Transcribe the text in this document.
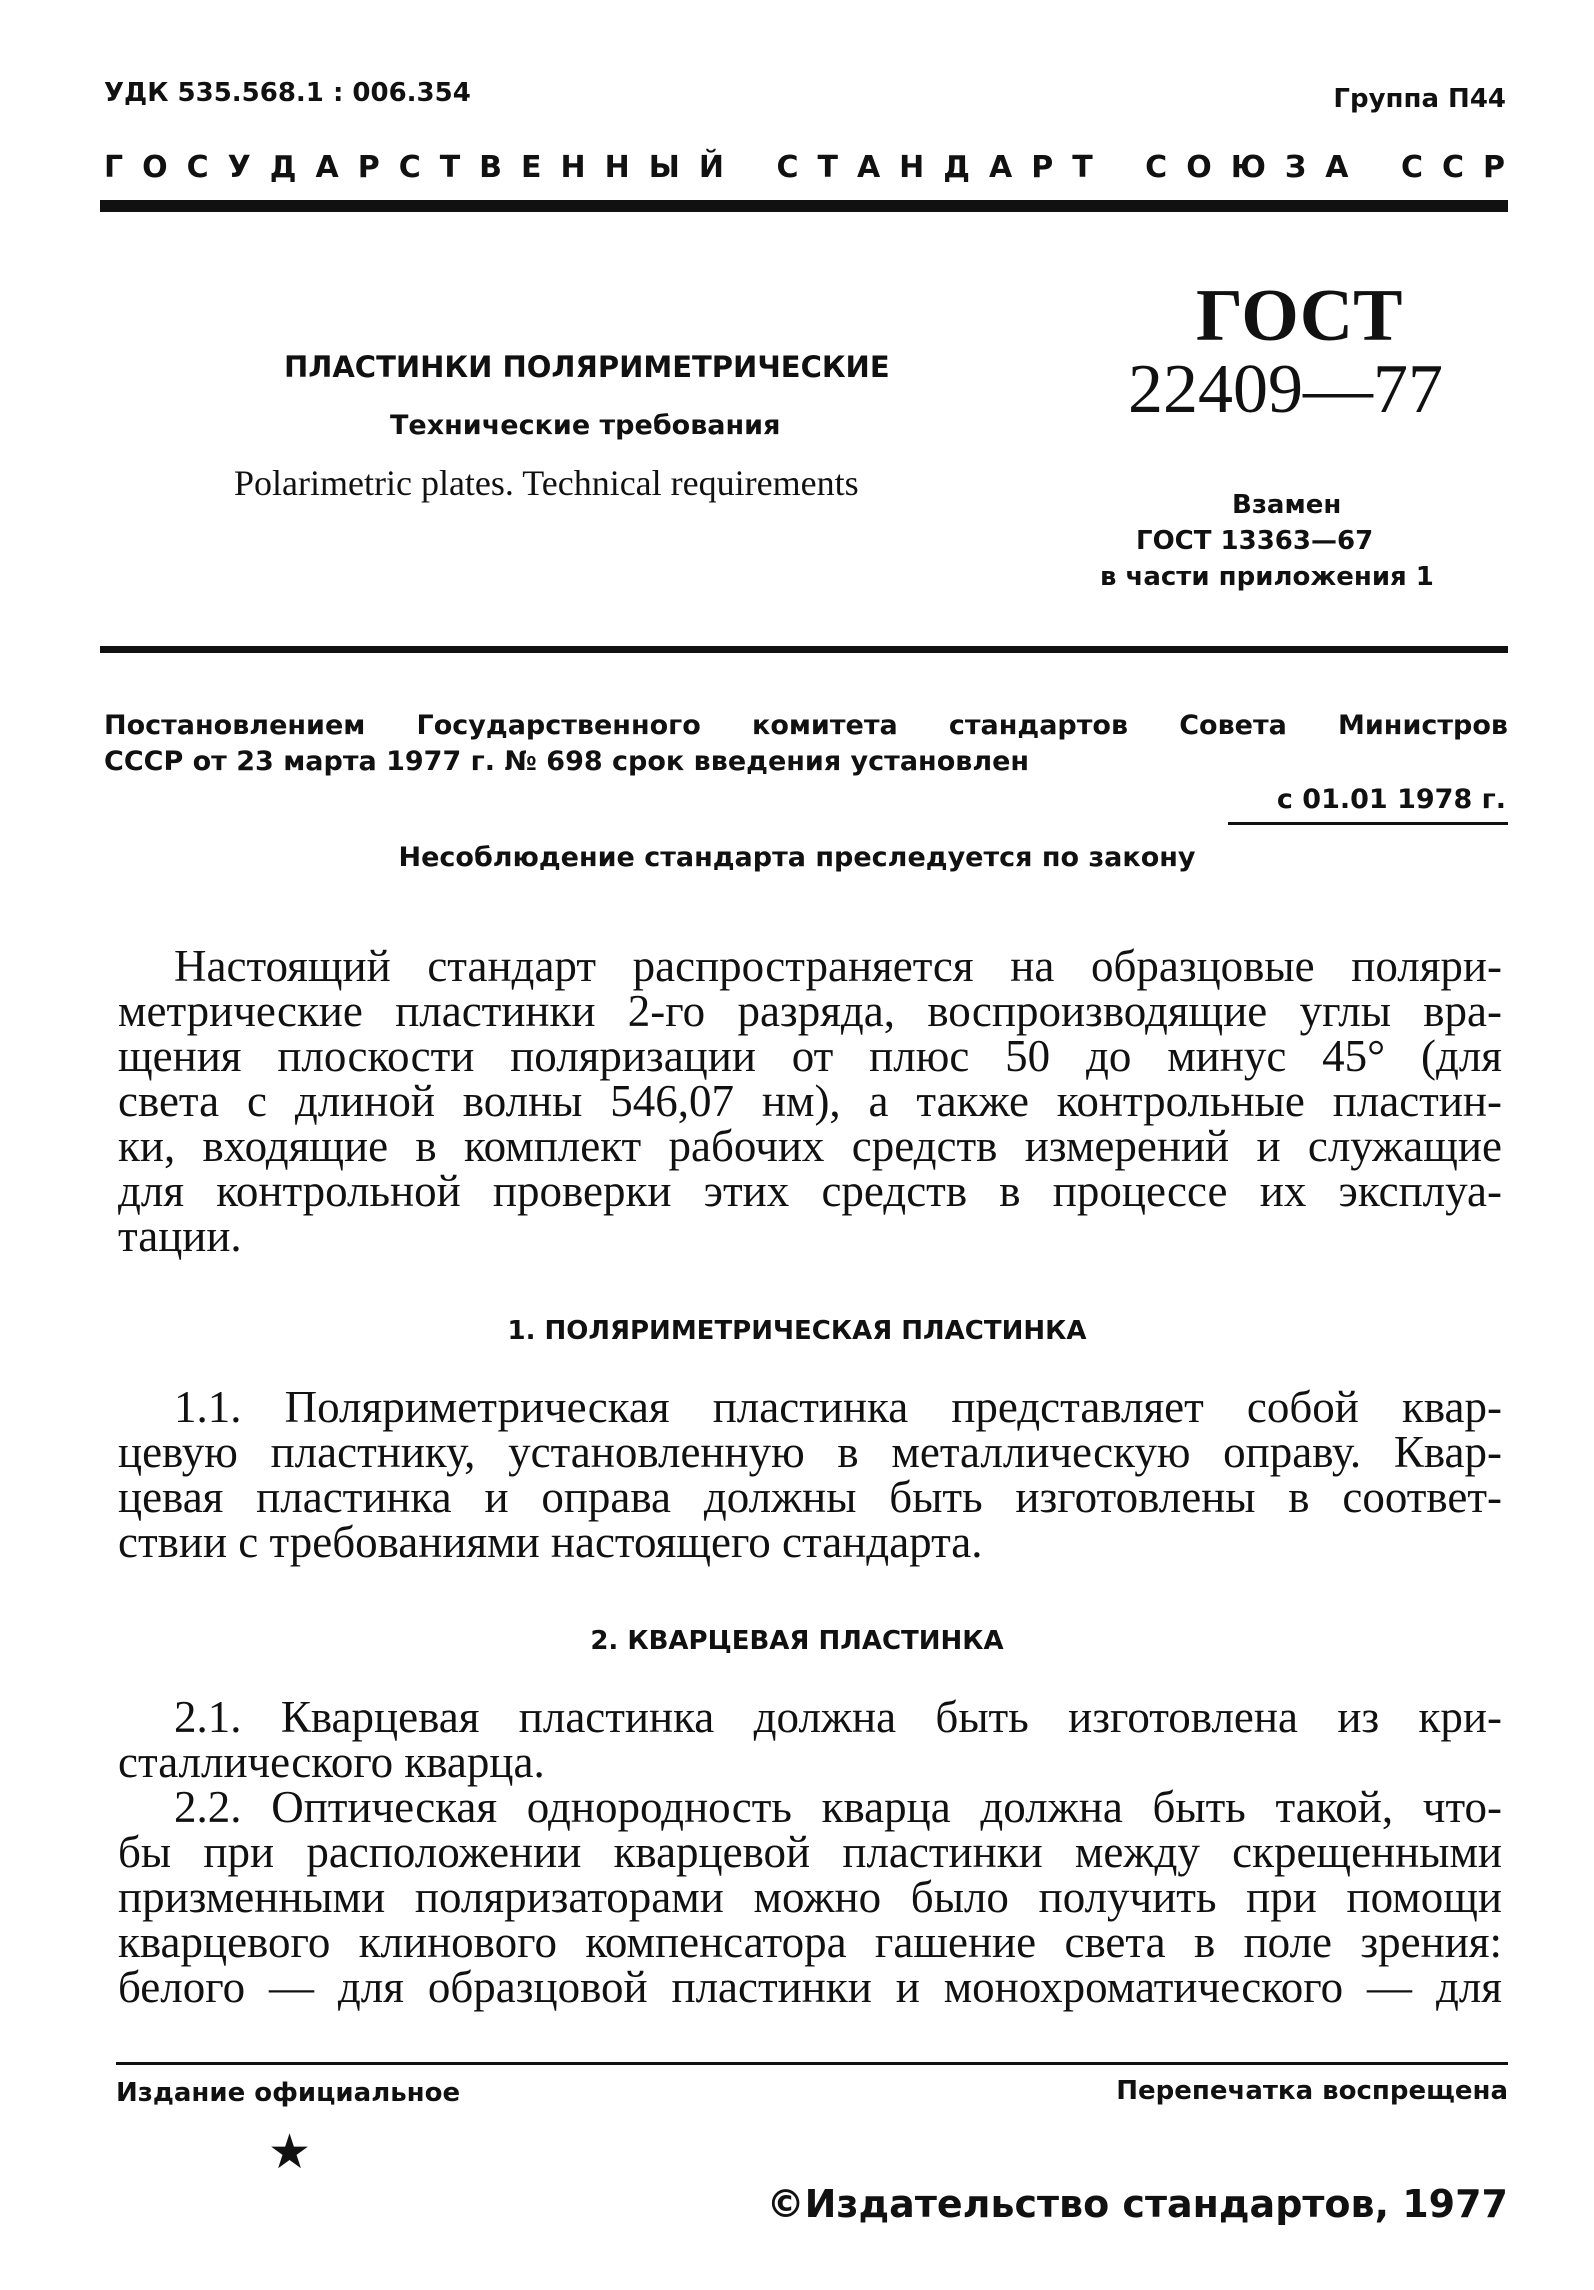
УДК 535.568.1 : 006.354	Группа П44
ГОСУДАРСТВЕННЫЙ СТАНДАРТ СОЮЗА ССР
ПЛАСТИНКИ ПОЛЯРИМЕТРИЧЕСКИЕ
Технические требования
Polarimetric plates. Technical requirements
ГОСТ
22409—77
Взамен
ГОСТ 13363—67
в части приложения 1
Постановлением Государственного комитета стандартов Совета Министров
СССР от 23 марта 1977 г. № 698 срок введения установлен
с 01.01 1978 г.
Несоблюдение стандарта преследуется по закону
Настоящий стандарт распространяется на образцовые поляри-
метрические пластинки 2-го разряда, воспроизводящие углы вра-
щения плоскости поляризации от плюс 50 до минус 45° (для
света с длиной волны 546,07 нм), а также контрольные пластин-
ки, входящие в комплект рабочих средств измерений и служащие
для контрольной проверки этих средств в процессе их эксплуа-
тации.
1. ПОЛЯРИМЕТРИЧЕСКАЯ ПЛАСТИНКА
1.1. Поляриметрическая пластинка представляет собой квар-
цевую пластнику, установленную в металлическую оправу. Квар-
цевая пластинка и оправа должны быть изготовлены в соответ-
ствии с требованиями настоящего стандарта.
2. КВАРЦЕВАЯ ПЛАСТИНКА
2.1. Кварцевая пластинка должна быть изготовлена из кри-
сталлического кварца.
2.2. Оптическая однородность кварца должна быть такой, что-
бы при расположении кварцевой пластинки между скрещенными
призменными поляризаторами можно было получить при помощи
кварцевого клинового компенсатора гашение света в поле зрения:
белого — для образцовой пластинки и монохроматического — для
Издание официальное	Перепечатка воспрещена
★
©Издательство стандартов, 1977
